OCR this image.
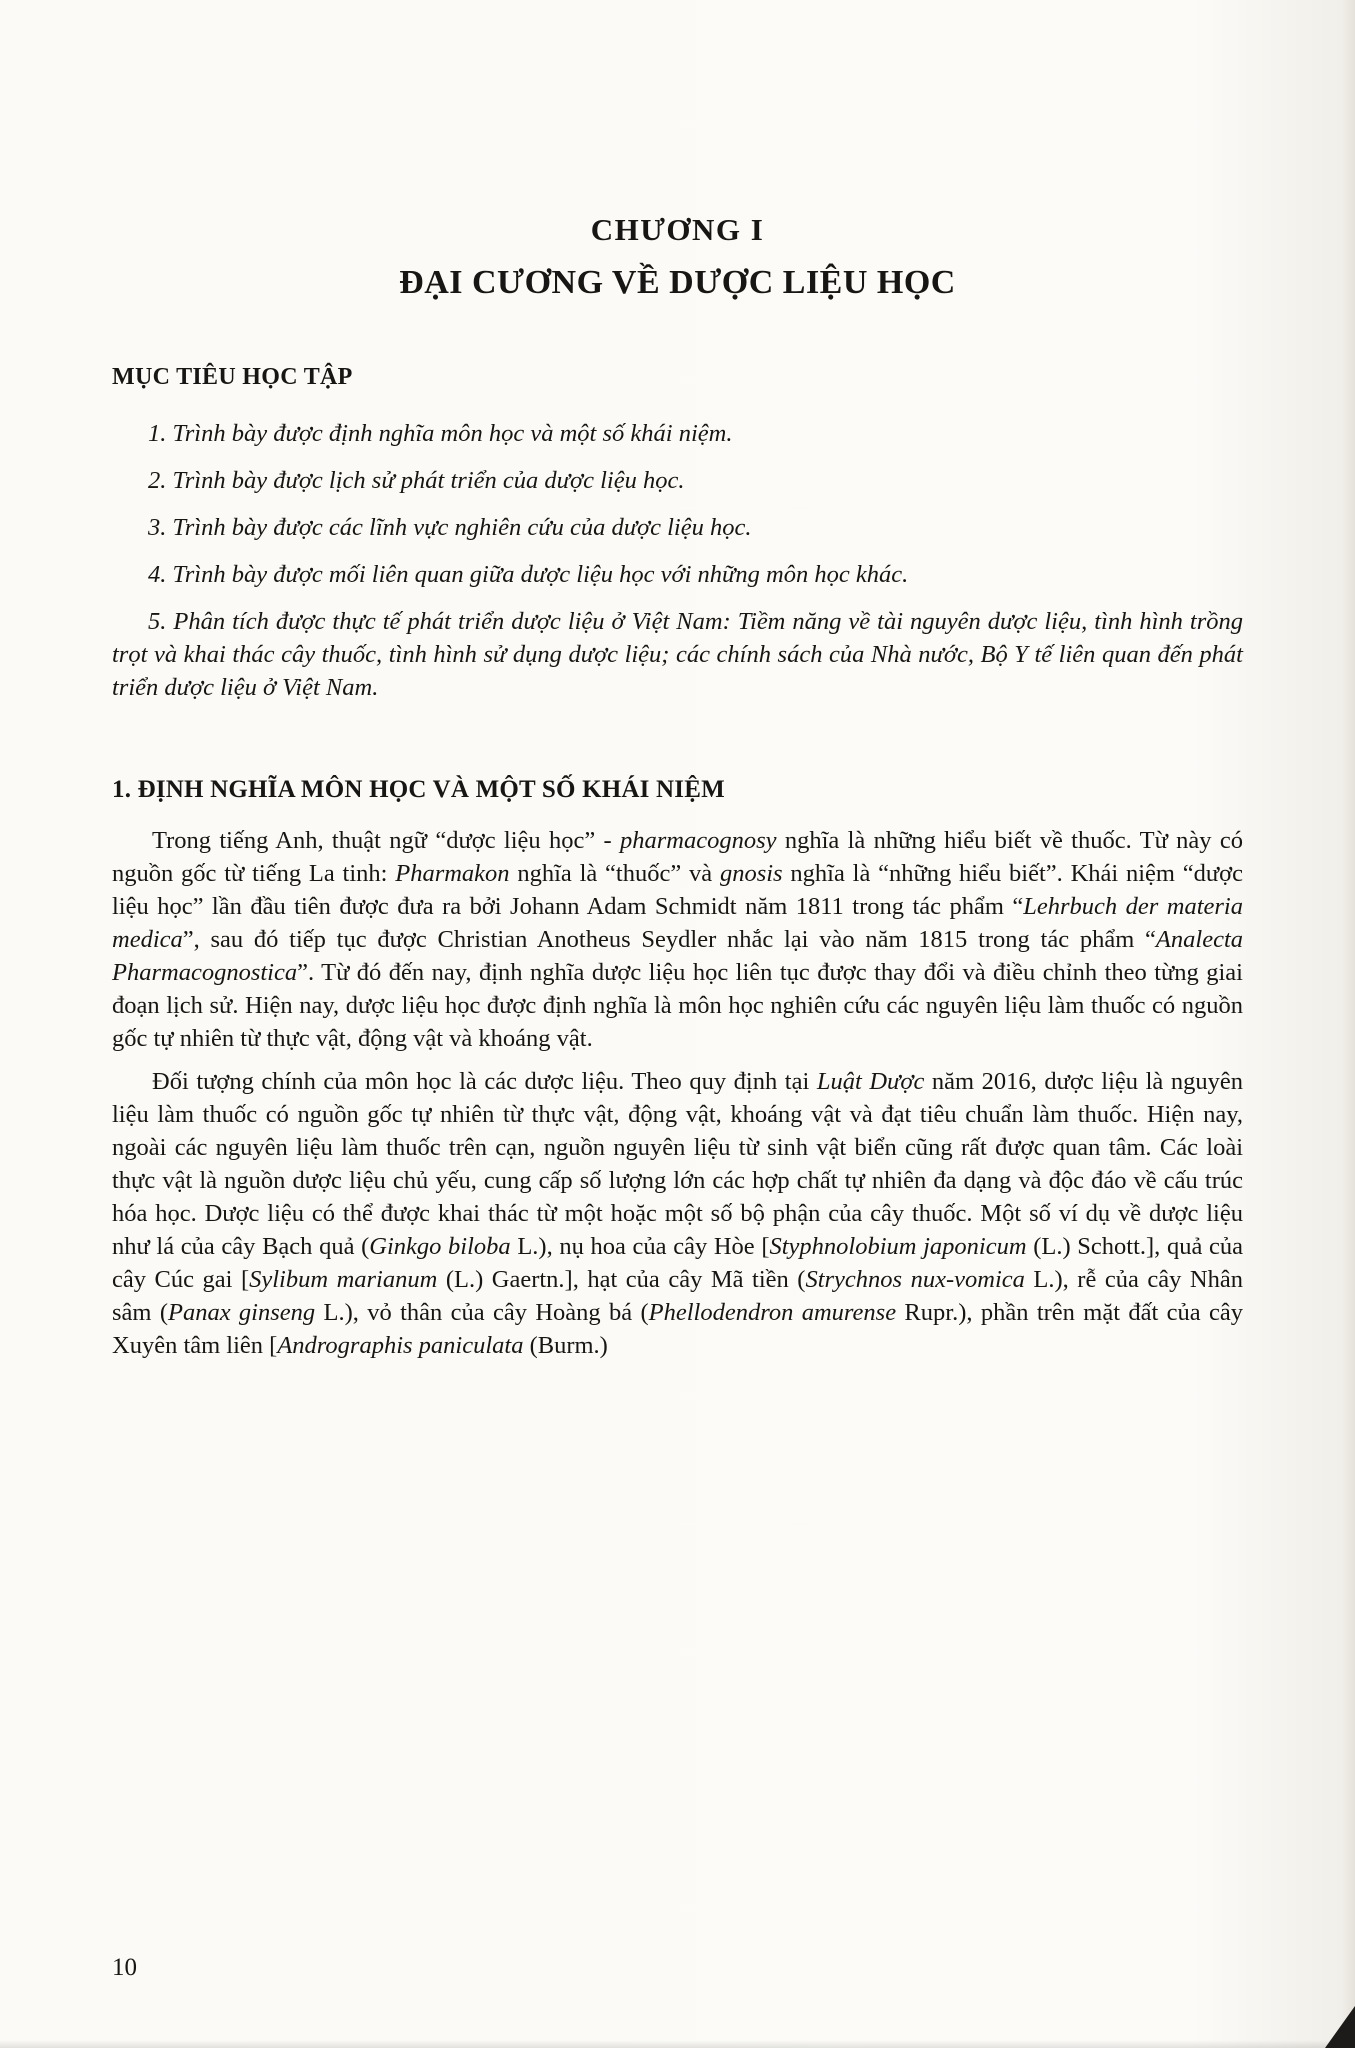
CHƯƠNG I
ĐẠI CƯƠNG VỀ DƯỢC LIỆU HỌC
MỤC TIÊU HỌC TẬP

1. Trình bày được định nghĩa môn học và một số khái niệm.

2. Trình bày được lịch sử phát triển của dược liệu học.

3. Trình bày được các lĩnh vực nghiên cứu của dược liệu học.

4. Trình bày được mối liên quan giữa dược liệu học với những môn học khác.

5. Phân tích được thực tế phát triển dược liệu ở Việt Nam: Tiềm năng về tài nguyên dược liệu, tình hình trồng trọt và khai thác cây thuốc, tình hình sử dụng dược liệu; các chính sách của Nhà nước, Bộ Y tế liên quan đến phát triển dược liệu ở Việt Nam.

1. ĐỊNH NGHĨA MÔN HỌC VÀ MỘT SỐ KHÁI NIỆM

Trong tiếng Anh, thuật ngữ “dược liệu học” - pharmacognosy nghĩa là những hiểu biết về thuốc. Từ này có nguồn gốc từ tiếng La tinh: Pharmakon nghĩa là “thuốc” và gnosis nghĩa là “những hiểu biết”. Khái niệm “dược liệu học” lần đầu tiên được đưa ra bởi Johann Adam Schmidt năm 1811 trong tác phẩm “Lehrbuch der materia medica”, sau đó tiếp tục được Christian Anotheus Seydler nhắc lại vào năm 1815 trong tác phẩm “Analecta Pharmacognostica”. Từ đó đến nay, định nghĩa dược liệu học liên tục được thay đổi và điều chỉnh theo từng giai đoạn lịch sử. Hiện nay, dược liệu học được định nghĩa là môn học nghiên cứu các nguyên liệu làm thuốc có nguồn gốc tự nhiên từ thực vật, động vật và khoáng vật.

Đối tượng chính của môn học là các dược liệu. Theo quy định tại Luật Dược năm 2016, dược liệu là nguyên liệu làm thuốc có nguồn gốc tự nhiên từ thực vật, động vật, khoáng vật và đạt tiêu chuẩn làm thuốc. Hiện nay, ngoài các nguyên liệu làm thuốc trên cạn, nguồn nguyên liệu từ sinh vật biển cũng rất được quan tâm. Các loài thực vật là nguồn dược liệu chủ yếu, cung cấp số lượng lớn các hợp chất tự nhiên đa dạng và độc đáo về cấu trúc hóa học. Dược liệu có thể được khai thác từ một hoặc một số bộ phận của cây thuốc. Một số ví dụ về dược liệu như lá của cây Bạch quả (Ginkgo biloba L.), nụ hoa của cây Hòe [Styphnolobium japonicum (L.) Schott.], quả của cây Cúc gai [Sylibum marianum (L.) Gaertn.], hạt của cây Mã tiền (Strychnos nux-vomica L.), rễ của cây Nhân sâm (Panax ginseng L.), vỏ thân của cây Hoàng bá (Phellodendron amurense Rupr.), phần trên mặt đất của cây Xuyên tâm liên [Andrographis paniculata (Burm.)

10
